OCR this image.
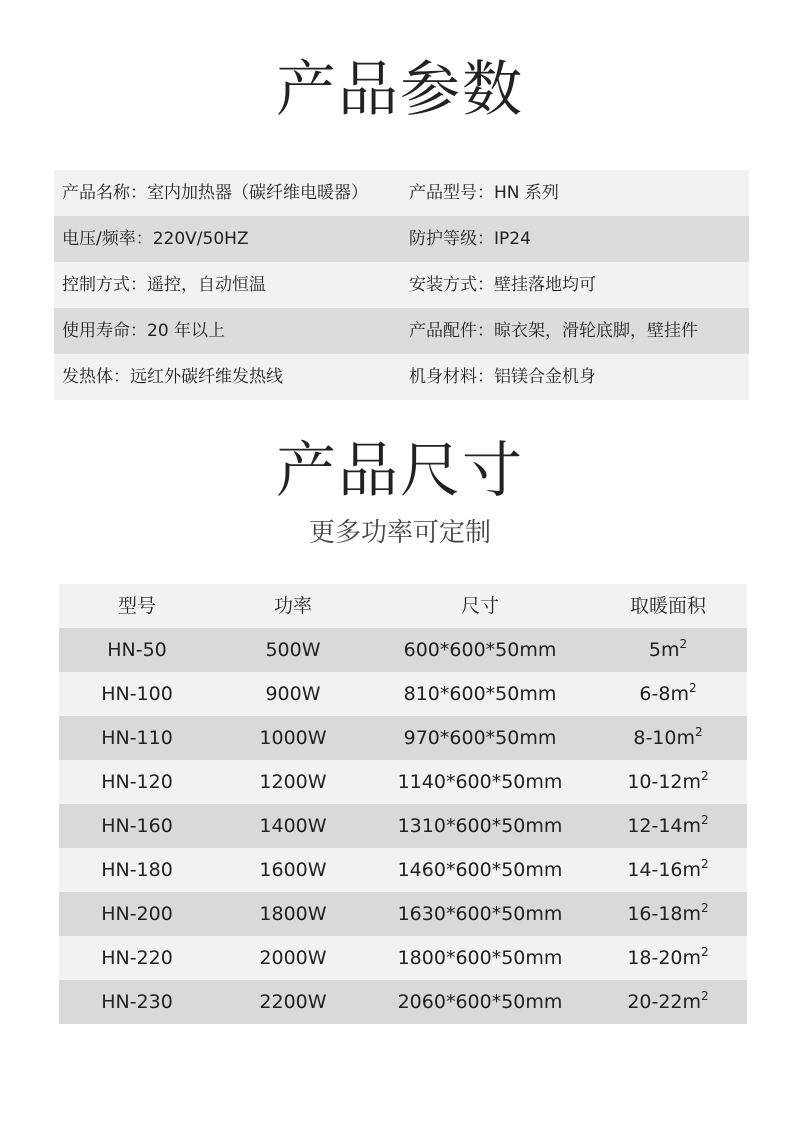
产品参数
产品名称：室内加热器（碳纤维电暖器）	产品型号：HN 系列
电压/频率：220V/50HZ	防护等级：IP24
控制方式：遥控，自动恒温	安装方式：壁挂落地均可
使用寿命：20 年以上	产品配件：晾衣架，滑轮底脚，壁挂件
发热体：远红外碳纤维发热线	机身材料：铝镁合金机身
产品尺寸
更多功率可定制
型号	功率	尺寸	取暖面积
HN-50	500W	600*600*50mm	$5m^2$
HN-100	900W	810*600*50mm	$6-8m^2$
HN-110	1000W	970*600*50mm	$8-10m^2$
HN-120	1200W	1140*600*50mm	$10-12m^2$
HN-160	1400W	1310*600*50mm	$12-14m^2$
HN-180	1600W	1460*600*50mm	$14-16m^2$
HN-200	1800W	1630*600*50mm	$16-18m^2$
HN-220	2000W	1800*600*50mm	$18-20m^2$
HN-230	2200W	2060*600*50mm	$20-22m^2$
